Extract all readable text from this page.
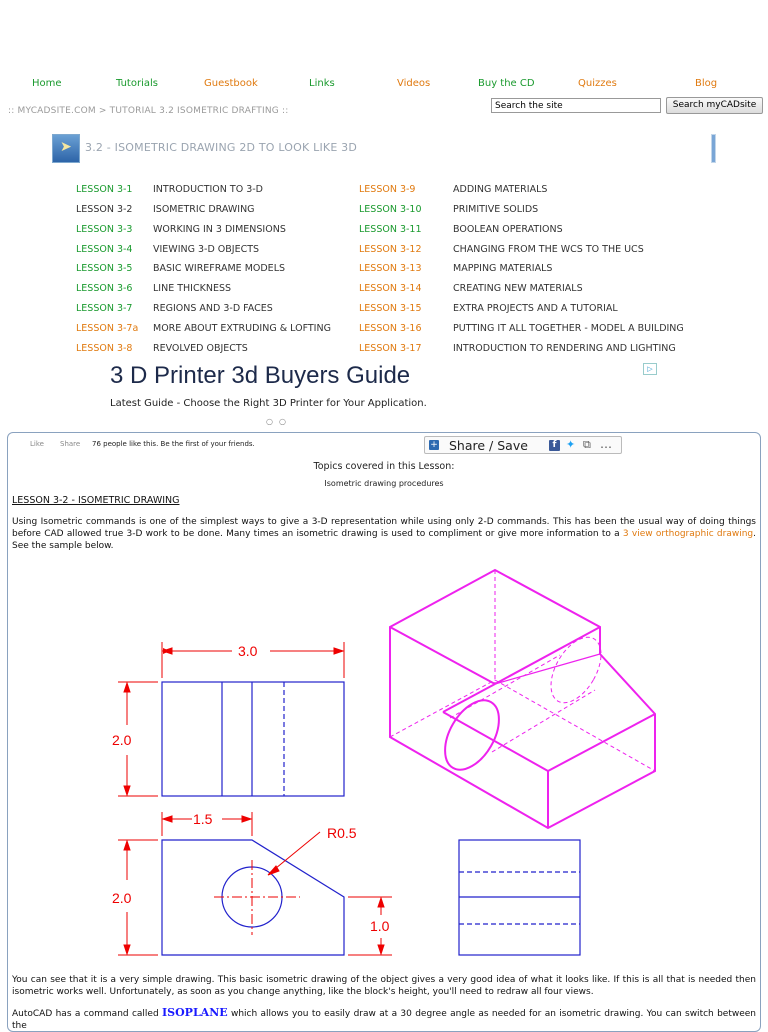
Home	Tutorials	Guestbook	Links	Videos	Buy the CD	Quizzes	Blog
:: MYCADSITE.COM > TUTORIAL 3.2 ISOMETRIC DRAFTING ::
Search the site
Search myCADsite
➤ 3.2 - ISOMETRIC DRAWING 2D TO LOOK LIKE 3D
LESSON 3-1 INTRODUCTION TO 3-D
LESSON 3-2 ISOMETRIC DRAWING
LESSON 3-3 WORKING IN 3 DIMENSIONS
LESSON 3-4 VIEWING 3-D OBJECTS
LESSON 3-5 BASIC WIREFRAME MODELS
LESSON 3-6 LINE THICKNESS
LESSON 3-7 REGIONS AND 3-D FACES
LESSON 3-7a MORE ABOUT EXTRUDING & LOFTING
LESSON 3-8 REVOLVED OBJECTS
LESSON 3-9	ADDING MATERIALS
LESSON 3-10	PRIMITIVE SOLIDS
LESSON 3-11	BOOLEAN OPERATIONS
LESSON 3-12	CHANGING FROM THE WCS TO THE UCS
LESSON 3-13	MAPPING MATERIALS
LESSON 3-14	CREATING NEW MATERIALS
LESSON 3-15	EXTRA PROJECTS AND A TUTORIAL
LESSON 3-16	PUTTING IT ALL TOGETHER - MODEL A BUILDING
LESSON 3-17	INTRODUCTION TO RENDERING AND LIGHTING
3 D Printer 3d Buyers Guide
Latest Guide - Choose the Right 3D Printer for Your Application.
▷
○○
Like Share 76 people like this. Be the first of your friends.	+ Share / Save	f ✦ ⧉ …
Topics covered in this Lesson:
Isometric drawing procedures
LESSON 3-2 - ISOMETRIC DRAWING
Using Isometric commands is one of the simplest ways to give a 3-D representation while using only 2-D commands. This has been the usual way of doing things before CAD allowed true 3-D work to be done. Many times an isometric drawing is used to compliment or give more information to a 3 view orthographic drawing. See the sample below.
3.0
2.0
1.5
R0.5
2.0
1.0
You can see that it is a very simple drawing. This basic isometric drawing of the object gives a very good idea of what it looks like. If this is all that is needed then isometric works well. Unfortunately, as soon as you change anything, like the block's height, you'll need to redraw all four views.
AutoCAD has a command called ISOPLANE which allows you to easily draw at a 30 degree angle as needed for an isometric drawing. You can switch between the
